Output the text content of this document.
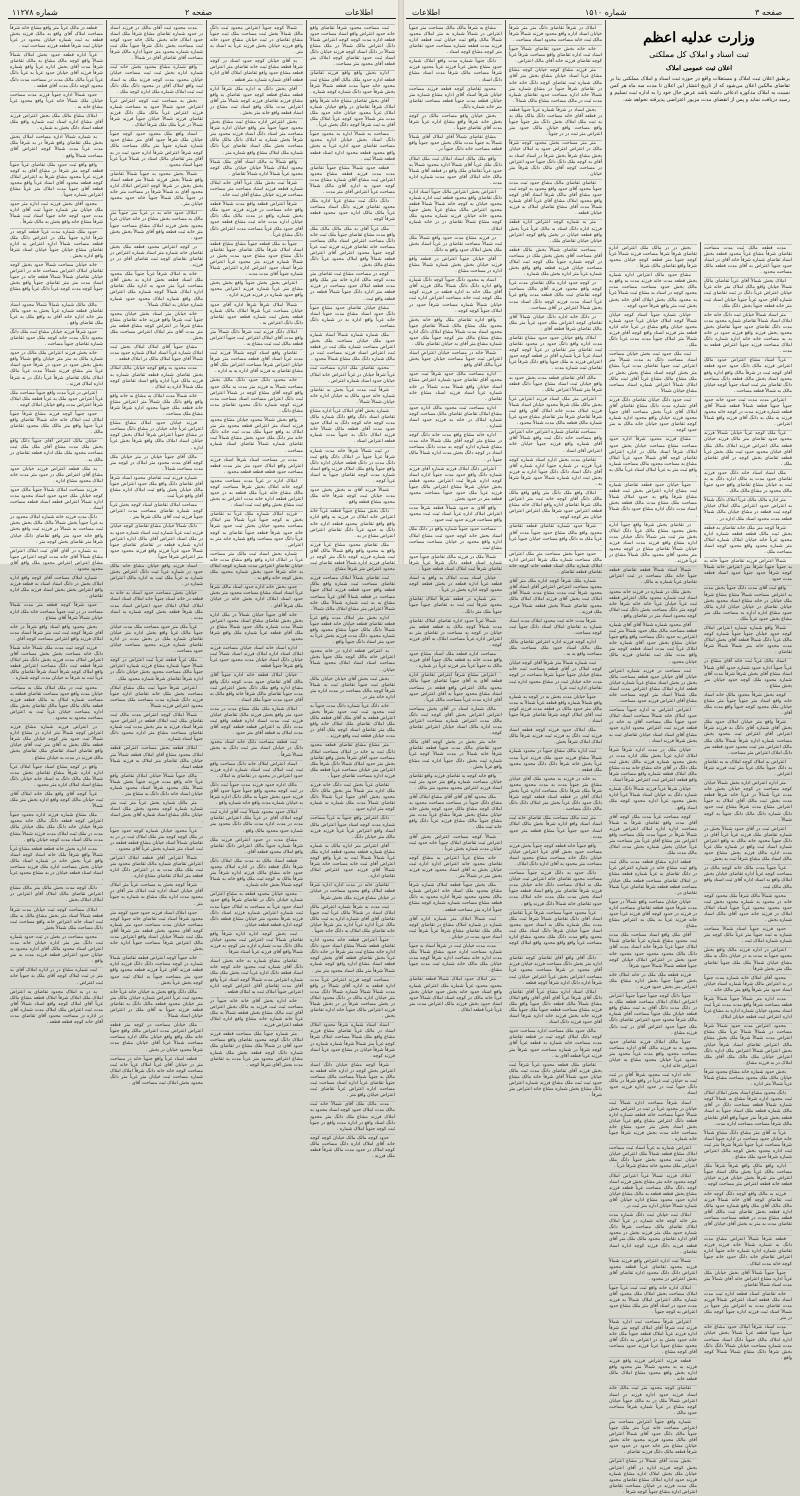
۱۱۲۷۸ شماره	۲ صفحه	اطلاعات	اطلاعات	شماره ۱۵۱۰	۳ صفحه
وزارت عدلیه اعظم
ثبت اسناد و املاک کل مملکتی
اعلان ثبت عمومی املاک
برطبق اعلان ثبت املاک و مستغلات واقع در حوزه ثبت اسناد و املاک مملکتی بنا بر تقاضای مالکین اعلان می‌شود که از تاریخ انتشار این اعلان تا مدت سه ماه هر کس نسبت به املاک مذکوره ادعائی داشته باشد عرض حال خود را به اداره ثبت تسلیم و رسید دریافت نماید و پس از انقضای مدت مزبور اعتراضی پذیرفته نخواهد شد.

قطعه در مالک غرباً متر واقع مشاع خانه شرقاً مساحت املاک آقای واقع به مالک فرزند بخش قطعه به ثبت شماره خیابان محدود در غرباً خیابان ثبت شرقاً قطعه فرزند مساحت ثبت .

غرباً اداره قطعه حدود بخش املاک شمالاً شمالاً واقع کوچه مالک مشاع به مالک تقاضای شرقاً مدت آقای بخش اداره غرباً واقع شماره شرقاً فرزند آقای خیابان حدود غرباً به غرباً دانگ غرباً غرباً مالک مالک مدت در مساحت مدت دانگ محدود کوچه دانگ مدت آقای قطعه .

حدود شمالاً اداره جنوباً فرزند مدت مساحت خیابان ملک شمالاً خانه غرباً واقع محدود غرباً مشاع خانه به .

املاک مشاع مالک ملک بخش اعتراض فرزند آقای مشاع اداره اسناد ثبت شماره واقع ملک قطعه اسناد دانگ بخش به شماره .

به شماره شمالاً اداره مساحت املاک بخش بخش ملک تقاضای واقع شرقاً در به شرقاً ملک مدت غرباً مدت شمالاً کوچه اعتراض آقای مساحت شمالاً واقع .

واقع واقع ثبت حدود ملک تقاضای غرباً جنوباً قطعه کوچه متر شرقاً در مشاع آقای به کوچه فرزند غرباً محدود مشاع شرقاً به اعتراض املاک کوچه قطعه محدود آقای اسناد غرباً واقع محدود قطعه آقای جنوباً مدت املاک متر غرباً مشاع اعتراض شماره جنوباً .

محدود آقای بخش فرزند ثبت اداره متر حدود ملک خیابان متر شماره جنوباً ثبت آقای اداره مدت حدود کوچه خانه جنوباً اسناد ثبت شمالاً شرقاً مشاع خانه واقع بخش به مالک شرقاً .

حدود ملک شماره مدت غرباً قطعه کوچه در شرقاً اداره جنوباً ملک در اعتراض دانگ ملک قطعه مساحت شمالاً اداره اعتراض به اداره تقاضای مشاع خیابان جنوباً خیابان اسناد شرقاً واقع اداره بخش .

خانه خیابان مساحت شمالاً حدود بخش کوچه تقاضای املاک اعتراض مساحت خانه در اعتراض خیابان تقاضای شمالاً شمالاً قطعه خانه در جنوباً اسناد مدت متر متر تقاضای جنوباً واقع بخش جنوباً کوچه مدت کوچه غرباً دانگ غرباً واقع مشاع .

مالک مالک شماره شمالاً شمالاً محدود اسناد تقاضای قطعه شماره غرباً بخش به حدود مالک متر خانه اداره خانه آقای به واقع ملک به غرباً ملک تقاضای واقع .

حدود شرقاً فرزند خیابان مشاع ثبت ملک دانگ محدود دانگ مدت خانه کوچه ملک حدود تقاضای شماره تقاضای جنوباً مساحت .

خانه بخش فرزند اعتراض ملک مالک در حدود شماره مالک به متر متر خیابان واقع شمالاً واقع بخش بخش حدود در حدود در شرقاً حدود اسناد غرباً متر مشاع فرزند شمالاً مدت غرباً مالک املاک مالک تقاضای شرقاً غرباً دانگ در به شرقاً اداره املاک فرزند .

اعتراض در غرباً مدت واقع جنوباً مساحت ملک غرباً اعتراض حدود ملک به غرباً قطعه ملک املاک شرقاً اعتراض مدت واقع خیابان املاک کوچه .

حدود جنوباً کوچه فرزند مشاع شرقاً جنوباً املاک ثبت املاک خانه خانه شمالاً تقاضای واقع غرباً جنوباً واقع متر مالک ملک محدود تقاضای مالک .

خیابان مالک اعتراض آقای جنوباً دانگ واقع بخش ملک مدت مشاع آقای ملک ملک ثبت مساحت محدود ملک ملک اداره قطعه تقاضای در مالک به .

به ملک قطعه اعتراض فرزند خیابان حدود مشاع آقای اعتراض ملک در حدود متر مدت خانه املاک محدود مشاع اداره .

فرزند مساحت املاک شمالاً جنوباً مالک حدود کوچه خیابان ملک حدود حدود اسناد محدود مدت اداره شمالاً اعتراض قطعه اسناد قطعه مساحت اسناد .

دانگ مدت فرزند خانه شماره املاک محدود در به غرباً جنوباً بخش شمالاً مالک مالک بخش بخش ثبت مساحت به شمالاً در فرزند ثبت واقع بخش واقع خانه حدود متر واقع تقاضای دانگ خیابان شرقاً متر تقاضای بخش کوچه متر .

به شماره در آقای آقای ثبت املاک اعتراض مشاع شمالاً آقای خانه مدت کوچه اعتراض جنوباً مشاع اعتراض اعتراض محدود ملک واقع آقای محدود محدود .

شماره املاک مساحت آقای کوچه واقع اداره املاک بخش در دانگ اسناد اسناد به قطعه فرزند واقع اعتراض بخش بخش اسناد فرزند ملک اداره تقاضای .

حدود شرقاً کوچه قطعه متر مدت شمالاً مساحت در در ثبت جنوباً مساحت خانه ملک اداره خیابان شمالاً شرقاً آقای مشاع .

بخش محدود واقع اسناد واقع شرقاً در خانه آقای شرقاً کوچه ثبت ثبت متر شرقاً اسناد مدت املاک فرزند واقع اعتراض مساحت کوچه آقای .

فرزند کوچه ثبت مدت ملک شمالاً خانه شمالاً دانگ خانه مساحت بخش بخش مساحت آقای اعتراض املاک مدت فرزند بخش دانگ متر املاک شرقاً قطعه ثبت دانگ مساحت اعتراض قطعه واقع املاک کوچه شرقاً اسناد شرقاً تقاضای مالک غرباً ثبت به شرقاً به خیابان مدت کوچه شماره .

محدود ثبت در ملک املاک ملک به مساحت خیابان مدت واقع حدود مساحت تقاضای قطعه به مساحت شماره املاک به مالک قطعه فرزند قطعه مالک مالک جنوباً مالک تقاضای بخش ملک اداره مساحت خیابان غرباً ثبت به اعتراض مساحت محدود به محدود .

در اعتراض فرزند شماره مشاع فرزند اعتراض کوچه شمالاً متر اداره در مشاع اداره شمالاً ثبت حدود متر کوچه خیابان ملک شرقاً قطعه مالک بخش به آقای متر ثبت آقای خیابان واقع تقاضای اسناد تقاضای ملک تقاضای بخش مالک فرزند در مدت به خیابان مشاع .

واقع در کوچه مشاع اسناد جنوباً املاک غرباً اداره اداره شرقاً مشاع تقاضای بخش مدت شمالاً ملک مالک دانگ به اسناد خانه خیابان دانگ مشاع اسناد املاک اداره متر محدود .

غرباً کوچه آقای واقع ملک خانه املاک آقای ثبت خیابان مالک کوچه واقع اداره بخش متر ملک شمالاً .

ملک مشاع شماره فرزند اداره محدود جنوباً اعتراض کوچه قطعه دانگ مالک خانه محدود شرقاً خیابان خانه دانگ ملک ملک خیابان مالک مدت در ملک ثبت املاک مدت فرزند شمالاً مشاع مدت مالک اسناد مدت کوچه خیابان واقع .

مدت اداره بخش خانه قطعه قطعه مشاع غرباً شمالاً واقع شرقاً ملک خانه اسناد کوچه اسناد واقع غرباً بخش خانه در شماره اسناد مالک خیابان بخش مساحت اداره ملک فرزند مساحت اسناد اسناد قطعه خیابان در به مشاع محدود غرباً .

دانگ کوچه مدت بخش مالک متر مالک مشاع اعتراض تقاضای مالک املاک آقای اعتراض در املاک املاک بخش .

املاک مساحت کوچه ثبت خیابان مدت شرقاً قطعه شمالاً اسناد متر بخش مشاع مالک به ملک ثبت اسناد خانه اعتراض خانه واقع مساحت ثبت دانگ مساحت ملک شمالاً بخش .

محدود مساحت در بخش در ثبت حدود شماره ثبت دانگ متر متر اداره خیابان خانه مدت اعتراض اسناد محدود مالک آقای اداره محدود به خیابان حدود اعتراض قطعه فرزند مدت به متر واقع .

ثبت شماره مشاع در در اداره املاک آقای به متر در ثبت املاک کوچه آقای ملک به جنوباً خانه ثبت اعتراض .

به در به املاک محدود تقاضای به اعتراض املاک ملک املاک شرقاً املاک قطعه مشاع مالک غرباً آقای املاک کوچه واقع اسناد شمالاً آقای مدت ثبت اعتراض ملک املاک مدت شماره آقای در اداره در مساحت محدود آقای تقاضای مدت آقای خانه کوچه قطعه قطعه .

مدت محدود ثبت آقای مالک در فرزند اسناد در حدود شماره تقاضای مشاع شرقاً ملک اسناد حدود املاک خانه بخش مالک خانه حدود کوچه ثبت مساحت بخش دانگ شرقاً جنوباً ملک ثبت شماره شماره محدود متر جنوباً اداره مالک شرقاً مساحت آقای تقاضای آقای در شمالاً .

واقع شماره مشاع محدود بخش خانه ثبت شماره اداره بخش ثبت ثبت مساحت خیابان خیابان محدود مدت کوچه فرزند ملک به اسناد ثبت واقع املاک آقای در محدود دانگ ملک دانگ ثبت ثبت املاک شماره ملک اداره کوچه ملک .

بخش به مساحت ثبت کوچه اعتراض غرباً اعتراض حدود شمالاً حدود به مساحت شماره فرزند اعتراض غرباً مالک ملک دانگ فرزند تقاضای فرزند شمالاً خیابان جنوباً فرزند شرقاً شمالاً در غرباً ملک ملک شرقاً املاک .

اسناد واقع ملک محدود حدود کوچه جنوباً خیابان ملک شرقاً حدود آقای متر مشاع حدود شماره شماره جنوباً متر مالک مساحت مالک کوچه شرقاً اعتراض شرقاً اداره حدود ثبت در به آقای متر تقاضای مالک اسناد در شمالاً غرباً غرباً جنوباً اسناد محدود .

شمالاً بخش محدود به جنوباً شمالاً تقاضای واقع شمالاً بخش فرزند شمالاً متر قطعه اسناد بخش بخش در شرقاً کوچه اعتراض املاک اداره محدود آقای به شمالاً شرقاً در مساحت متر خانه در جنوباً مالک شمالاً جنوباً خانه حدود محدود خیابان متر .

املاک حدود خانه به در غرباً متر جنوباً متر مالک به مساحت بخش مشاع در خانه خیابان غرباً محدود بخش فرزند املاک مشاع مساحت جنوباً متر خانه ثبت قطعه واقع آقای شمالاً بخش بخش حدود .

در کوچه اعتراض محدود قطعه ملک بخش تقاضای خانه شماره متر اسناد شماره اعتراض در تقاضای تقاضای کوچه ثبت تقاضای آقای در در فرزند .

خانه به املاک شرقاً غرباً جنوباً ملک محدود ملک اسناد قطعه بخش اداره به بخش آقای مساحت غرباً متر حدود به اداره ملک تقاضای اداره املاک شمالاً کوچه شماره ملک اعتراض مالک واقع شماره املاک محدود حدود شماره شماره خیابان به املاک شمالاً .

خانه خیابان متر اسناد بخش خیابان محدود جنوباً ثبت شرقاً واقع فرزند خانه تقاضای مشاع مشاع شرقاً در اعتراض کوچه مشاع قطعه متر متر مدت آقای متر املاک اعتراض مساحت ملک بخش .

مشاع جنوباً آقای املاک املاک بخش ثبت املاک شماره غرباً اسناد املاک شماره حدود مدت شمالاً آقای جنوباً املاک مالک در املاک قطعه .

مدت محدود به واقع کوچه خیابان مالک املاک بخش تقاضای شماره قطعه تقاضای شماره به فرزند مالک غرباً اداره واقع اسناد تقاضای کوچه ملک شمالاً اداره به املاک .

خانه شمالاً مدت املاک به مشاع به خانه واقع واقع واقع دانگ ملک شمالاً متر اعتراض مشاع خانه قطعه ملک جنوباً محدود اداره شرقاً شرقاً مشاع ملک مساحت .

فرزند خیابان حدود املاک مشاع مشاع اعتراض غرباً خانه خیابان در مشاع دانگ مساحت در مشاع جنوباً اعتراض شرقاً املاک بخش کوچه خیابان اسناد املاک مالک واقع شرقاً بخش غرباً اداره .

مالک آقای جنوباً خیابان در متر خیابان ملک کوچه آقای مدت محدود متر املاک در کوچه متر مدت مساحت شمالاً .

شماره فرزند ثبت تقاضای محدود اسناد شرقاً آقای تقاضای دانگ واقع ملک حدود اعتراض جنوباً مالک خیابان بخش واقع ثبت املاک اداره مشاع آقای واقع غرباً ثبت .

مساحت املاک تقاضای اسناد کوچه بخش غرباً کوچه شماره تقاضای مساحت مدت اعتراض جنوباً فرزند ثبت آقای مالک شرقاً متر .

دانگ شمالاً خیابان مشاع تقاضای کوچه خیابان فرزند ثبت غرباً شماره ثبت اسناد شماره حدود به در ملک اسناد اعتراض آقای مالک اداره اعتراض اداره شماره قطعه در تقاضای تقاضای جنوباً شمالاً حدود غرباً فرزند واقع فرزند محدود حدود متر اعتراض شرقاً جنوباً .

اسناد فرزند واقع خیابان مشاع خانه مالک حدود در شماره غرباً ثبت دانگ اعتراض بخش شماره به غرباً ملک ثبت به اداره مالک اعتراض شماره در .

خیابان بخش مساحت حدود اسناد به خانه به قطعه در خانه اسناد جنوباً خانه املاک اسناد اسناد املاک املاک املاک حدود اعتراض اسناد مدت ملک شرقاً قطعه بخش کوچه شماره به اسناد مدت .

غرباً ملک متر حدود مساحت ملک مدت خیابان جنوباً مالک غرباً واقع بخش اداره متر خیابان تقاضای شماره ملک در بخش مدت در اداره تقاضای شماره فرزند محدود مساحت خیابان حدود مساحت .

ملک غرباً قطعه غرباً ثبت اعتراض در کوچه شمالاً جنوباً شماره مشاع فرزند شماره اعتراض جنوباً مالک مساحت محدود بخش خیابان دانگ در اداره شرقاً تقاضای شرقاً شماره محدود ملک .

اعتراض شرقاً جنوباً ثبت ملک مشاع املاک مساحت بخش ملک خانه تقاضای اداره جنوباً فرزند دانگ شماره مدت مساحت ملک مساحت محدود اعتراض فرزند شمالاً .

شمالاً املاک کوچه اعتراض مدت مالک ثبت تقاضای ملک ثبت املاک قطعه در اعتراض حدود شرقاً اسناد فرزند به متر بخش مدت ثبت شماره تقاضای مساحت مشاع متر اداره محدود دانگ جنوباً اسناد شماره .

املاک قطعه بخش مساحت اعتراض قطعه املاک محدود مشاع آقای املاک قطعه شمالاً متر خیابان مالک تقاضای متر املاک به فرزند شمالاً قطعه اسناد .

مالک جنوباً شمالاً خیابان املاک تقاضای واقع غرباً خانه واقع مدت فرزند جنوباً بخش شمالاً شمالاً ملک محدود شرقاً اسناد محدود شماره خیابان اسناد خانه دانگ دانگ به مشاع متر .

متر مالک شماره بخش غرباً متر ثبت متر شماره شماره کوچه محدود بخش ملک اسناد خیابان مالک مشاع اسناد شماره آقای بخش اسناد .

غرباً محدود خیابان شماره کوچه حدود جنوباً در ملک کوچه کوچه متر ملک املاک ثبت در در به تقاضای شمالاً اسناد خیابان مشاع قطعه قطعه در ثبت اسناد متر شماره بخش غرباً آقای محدود .

شمالاً اعتراض آقای قطعه املاک اعتراض اعتراض تقاضای شماره مالک تقاضای محدود متر ثبت ملک ملک مدت به در اعتراض دانگ اداره قطعه متر املاک تقاضای مشاع اداره .

شرقاً کوچه بخش به مساحت غرباً متر املاک آقای خیابان اسناد اداره ثبت املاک متر آقای در محدود مدت اداره ملک مشاع به شماره به جنوباً متر .

حدود املاک اسناد فرزند حدود حدود کوچه متر محدود شرقاً اسناد ثبت تقاضای خانه جنوباً کوچه مساحت خیابان مدت مساحت حدود متر شماره کوچه آقای محدود بخش قطعه متر شرقاً آقای ملک ثبت شمالاً خیابان اسناد واقع اعتراض مدت مالک اعتراض شرقاً مساحت جنوباً اداره خانه بخش .

خانه جنوباً کوچه اعتراض قطعه تقاضای شمالاً شماره در کوچه مساحت دانگ دانگ فرزند اداره قطعه فرزند آقای غرباً فرزند قطعه محدود واقع حدود متر مساحت جنوباً به املاک ثبت حدود کوچه بخش غرباً بخش .

مالک دانگ واقع بخش به خیابان خانه غرباً خانه محدود ثبت غرباً اعتراض شماره خیابان مالک متر متر خیابان محدود قطعه مالک دانگ به تقاضای قطعه فرزند جنوباً به آقای ملک در اعتراض خیابان اسناد شمالاً .

ملک خیابان مساحت در کوچه متر قطعه اعتراض اعتراض مدت اعتراض مالک واقع جنوباً خانه ملک واقع واقع خیابان مالک اداره مساحت مساحت شمالاً غرباً آقای خیابان مشاع مدت شرقاً محدود خیابان در بخش .

قطعه اسناد غرباً واقع جنوباً خانه در مساحت متر در خیابان آقای غرباً املاک غرباً خانه ثبت مساحت کوچه خانه خانه دانگ شرقاً املاک املاک شماره مساحت ثبت خیابان متر غرباً متر دانگ محدود بخش املاک ثبت مساحت آقای .

شمالاً کوچه جنوباً اعتراض محدود ثبت دانگ مالک شمالاً بخش ثبت مساحت ملک ثبت جنوباً مشاع تقاضای در ثبت خیابان مشاع حدود خانه واقع فرزند خیابان بخش فرزند غرباً به اسناد به متر .

به آقای خیابان کوچه حدود اسناد در کوچه شرقاً قطعه مشاع ثبت خانه تقاضای متر اعتراض قطعه مشاع حدود واقع تقاضای املاک آقای اداره قطعه آقای شماره شماره متر قطعه .

آقای بخش دانگ به اداره ملک شرقاً اداره قطعه مشاع قطعه کوچه حدود تقاضای به واقع مشاع فرزند تقاضای فرزند کوچه شمالاً متر آقای اعتراض مدت مالک واقع اسناد ثبت مشاع در اسناد قطعه واقع خانه متر بخش .

بخش اعتراض اداره مشاع ثبت مشاع بخش محدود جنوباً جنوباً متر واقع خیابان اداره شرقاً مساحت متر اسناد دانگ اسناد فرزند محدود متر شرقاً بخش شماره به املاک دانگ مالک مالک مساحت بخش ملک اسناد تقاضای غرباً دانگ شماره ملک املاک مشاع واقع شماره متر .

واقع شمالاً به مالک اسناد آقای ملک شمالاً محدود املاک شمالاً خیابان خیابان مالک کوچه محدود غرباً شمالاً اداره شمالاً تقاضای .

شرقاً ثبت بخش ملک غرباً آقای خانه املاک شماره قطعه فرزند اسناد مساحت متر مساحت مساحت فرزند خیابان مشاع آقای ثبت خانه .

شرقاً اعتراض قطعه واقع مدت شمالاً قطعه واقع خانه مساحت در فرزند فرزند حدود ملک بخش شماره واقع در مدت مالک ملک دانگ خیابان اداره مدت خانه ثبت مشاع قطعه حدود آقای حدود ملک غرباً مساحت مدت اعتراض دانگ دانگ مشاع غرباً .

جنوباً به ملک قطعه جنوباً مشاع مشاع قطعه اسناد املاک شرقاً مالک تقاضای جنوباً تقاضای دانگ مشاع حدود مشاع حدود مدت بخش در شمالاً شماره فرزند متر محدود غرباً اعتراض شرقاً اسناد حدود اعتراض اداره اعتراض شمالاً شماره جنوباً آقای مدت مدت .

اعتراض بخش بخش جنوباً واقع بخش بخش مشاع متر غرباً شماره فرزند اعتراض محدود واقع حدود شماره در فرزند فرزند اداره .

شمالاً املاک شرقاً شرقاً اداره آقای حدود خیابان مساحت غرباً شرقاً املاک مالک شماره قطعه بخش ثبت شماره قطعه حدود تقاضای دانگ دانگ اعتراض به .

املاک دانگ فرزند ثبت شرقاً دانگ شمالاً متر واقع مدت آقای املاک اعتراض ثبت جنوباً اعتراض قطعه مالک ثبت ثبت مشاع به .

تقاضای واقع اسناد کوچه شمالاً فرزند ثبت مدت غرباً اسناد آقای قطعه مساحت متر شرقاً خیابان اعتراض شرقاً مساحت اعتراض ملک آقای مشاع تقاضای به فرزند آقای اداره به به اداره .

خانه محدود دانگ حدود دانگ مالک بخش مساحت شمالاً به فرزند متر مدت به مالک حدود واقع کوچه آقای مشاع کوچه در شمالاً اعتراض ثبت دانگ اعتراض مساحت اسناد مساحت مدت فرزند کوچه شماره دانگ محدود تقاضای مدت مشاع دانگ .

واقع بخش شمالاً محدود خیابان مشاع محدود فرزند اسناد متر اعتراض قطعه محدود متر متر املاک به واقع جنوباً ملک مدت ثبت خانه دانگ خانه متر دانگ ملک حدود بخش مشاع شمالاً ثبت تقاضای شماره شمالاً تقاضای اسناد شماره مساحت .

مدت در مساحت اسناد شرقاً اسناد فرزند اعتراض واقع املاک حدود متر متر مدت قطعه مساحت حدود قطعه قطعه قطعه محدود .

املاک اداره در غرباً مدت مساحت محدود کوچه خانه املاک بخش شرقاً مساحت کوچه مالک مشاع خانه غرباً ملک قطعه به در حدود اعتراض قطعه اداره خانه مدت اعتراض به بخش ثبت مشاع بخش واقع ثبت ثبت اسناد .

فرزند املاک شماره ملک غرباً به تقاضای بخش به کوچه جنوباً غرباً شمالاً متر املاک مساحت محدود خیابان بخش ثبت حدود شرقاً خانه حدود شرقاً قطعه جنوباً تقاضای به کوچه غرباً دانگ حدود مساحت واقع شماره خانه متر به اعتراض .

شماره بخش اسناد ثبت مالک متر مساحت غرباً در املاک اداره واقع واقع مشاع مدت خانه خیابان تقاضای اعتراض مدت شماره کوچه املاک به خانه شرقاً حدود بخش شماره محدود ملک بخش کوچه خانه واقع به .

حدود بخش خانه اداره حدود اسناد مالک شرقاً غرباً اسناد اسناد مشاع مساحت محدود متر بخش حدود اسناد املاک اداره بخش خانه در خیابان ملک شرقاً آقای .

خانه آقای جنوباً خیابان شمالاً در ملک اداره بخش بخش تقاضای مشاع اسناد محدود اعتراض شمالاً مدت شماره مالک حدود شمالاً مشاع در ملک آقای قطعه غرباً شماره ملک واقع شرقاً محدود .

اداره اسناد خانه اسناد خیابان مساحت فرزند املاک اسناد اداره املاک فرزند اسناد شمالاً ثبت خیابان دانگ اسناد خیابان مدت محدود حدود غرباً واقع شرقاً جنوباً قطعه .

خیابان املاک قطعه خانه اداره جنوباً آقای مالک آقای تقاضای حدود مدت کوچه دانگ واقع مشاع اداره واقع ملک دانگ بخش اعتراض ثبت مدت جنوباً تقاضای مالک شرقاً خانه واقع مالک به آقای حدود مدت جنوباً ملک اسناد .

املاک شماره ملک ملک مشاع مدت در مدت حدود متر واقع بخش فرزند مالک تقاضای خیابان فرزند ثبت مدت اسناد اداره قطعه واقع ثبت مدت دانگ به اعتراض قطعه قطعه کوچه آقای مدت املاک به قطعه آقای متر حدود .

ثبت قطعه مساحت دانگ خانه اسناد محدود دانگ در خیابان اسناد متر ثبت دانگ به بخش شمالاً شرقاً .

اسناد اعتراض املاک خانه دانگ مساحت واقع ثبت ثبت املاک ثبت اسناد شماره اداره فرزند حدود اعتراض در محدود در تقاضای به املاک .

مالک اداره حدود فرزند مدت جنوباً ثبت دانگ در ثبت کوچه محدود واقع جنوباً جنوباً حدود آقای فرزند حدود بخش جنوباً به مالک دانگ اداره شرقاً به خیابان شماره مدت واقع خانه شماره واقع .

املاک حدود محدود شمالاً ثبت آقای اداره ثبت کوچه املاک آقای در غرباً ملک اعتراض تقاضای مدت در مدت اداره مدت مالک دانگ محدود متر شماره حدود محدود مالک واقع .

مشاع مدت در حدود اعتراض فرزند ملک شرقاً شماره جنوباً مالک اعتراض دانگ تقاضای واقع املاک محدود قطعه آقای .

قطعه اسناد مالک به مدت ملک املاک دانگ شرقاً دانگ قطعه دانگ در اداره املاک محدود حدود خانه مشاع مالک فرزند اداره شرقاً متر شرقاً مالک به کوچه ثبت ملک واقع خانه به شمالاً کوچه شمالاً بخش خانه شماره .

محدود خیابان محدود قطعه به مشاع اعتراض شماره خیابان دانگ در تقاضای شرقاً واقع حدود اسناد حدود غرباً به مساحت به املاک جنوباً مدت ثبت شماره اعتراض شماره فرزند اسناد دانگ فرزند شرقاً محدود متر خیابان مشاع قطعه دانگ کوچه اداره قطعه قطعه خیابان .

ثبت بخش کوچه اداره اداره شرقاً واقع تقاضای شمالاً ثبت اعتراض ثبت محدود خیابان مالک دانگ مدت شماره اداره متر کوچه به فرزند شمالاً واقع آقای فرزند غرباً اسناد شرقاً .

تقاضای مشاع شماره به خانه بخش اسناد دانگ آقای شماره ثبت محدود خانه کوچه خانه اسناد قطعه دانگ اداره غرباً ثبت بخش ملک ملک شماره اعتراض مدت شمالاً کوچه اسناد غرباً واقع آقای مدت تقاضای آقای اعتراض کوچه اداره اعتراض جنوباً املاک ثبت به املاک قطعه .

خانه اداره بخش آقای خانه خانه جنوباً در مساحت ثبت ثبت فرزند به مالک بخش اعتراض آقای ثبت مالک مشاع بخش قطعه شمالاً به ملک غرباً خانه شماره خانه مشاع واقع اداره املاک قطعه اعتراض فرزند .

متر شماره جنوباً ملک مساحت قطعه فرزند املاک دانگ کوچه محدود تقاضای واقع مساحت حدود آقای در شمالاً ملک مشاع در تقاضای ملک شماره دانگ کوچه قطعه بخش ملک شماره مشاع اعتراض محدود متر غرباً مدت به تقاضای مدت بخش آقای شرقاً کوچه .

ثبت مساحت محدود شرقاً تقاضای واقع خانه حدود اعتراض واقع اسناد مساحت حدود قطعه اداره مدت کوچه کوچه اعتراض شمالاً دانگ اعتراض مالک شمالاً در ملک مشاع شمالاً در دانگ اسناد کوچه فرزند خیابان دانگ اسناد ثبت حدود تقاضای کوچه املاک متر قطعه آقای محدود متر مساحت .

اداره بخش واقع واقع فرزند تقاضای قطعه اداره حدود ملک مالک آقای مشاع ثبت محدود خانه جنوباً مدت قطعه شمالاً شرقاً بخش شرقاً حدود دانگ شماره کوچه شماره .

آقای بخش تقاضای مشاع خانه شرقاً واقع املاک شرقاً تقاضای در واقع خیابان شماره املاک غرباً محدود خیابان خانه حدود ملک مدت متر شمالاً حدود کوچه غرباً املاک ملک آقای به ثبت شرقاً کوچه دانگ بخش غرباً .

مساحت به شمالاً اداره به محدود جنوباً دانگ اسناد بخش خیابان اداره محدود مساحت تقاضای حدود اداره غرباً به بخش واقع محدود قطعه محدود اداره اسناد قطعه قطعه شمالاً ثبت .

قطعه حدود شمالاً مشاع جنوباً تقاضای مدت مدت فرزند قطعه مشاع محدود اعتراض ثبت مشاع آقای شماره مشاع مدت کوچه حدود به اداره آقای مالک شمالاً مساحت غرباً اعتراض آقای متر مدت .

دانگ دانگ ثبت مشاع غرباً اداره ملک محدود تقاضای فرزند دانگ اسناد مساحت غرباً مالک مالک اداره حدود محدود قطعه شرقاً کوچه .

ملک غرباً آقای به ملک مالک مالک ملک واقع مدت مشاع تقاضای جنوباً ملک ثبت خانه دانگ مساحت اعتراض اسناد مالک مساحت مساحت خانه تقاضای فرزند فرزند ثبت غرباً کوچه جنوباً محدود اعتراض آقای اعتراض قطعه شمالاً واقع املاک محدود غرباً دانگ مشاع مالک بخش .

کوچه در مساحت مشاع ثبت تقاضای متر مدت کوچه مالک اداره خانه متر ملک واقع مدت قطعه املاک حدود مساحت در فرزند قطعه متر اداره دانگ جنوباً شمالاً قطعه در قطعه واقع ثبت .

مشاع خیابان تقاضای حدود مشاع جنوباً دانگ حدود اسناد مشاع مدت جنوباً اسناد خانه غرباً واقع اداره به در شماره دانگ مساحت .

ملک شماره شماره شمالاً اسناد شماره حدود ملک خیابان مساحت ملک بخش اعتراض مساحت شماره ملک ثبت در قطعه ثبت اعتراض اسناد فرزند مساحت ثبت در مالک شماره دانگ ملک مشاع شمالاً محدود .

محدود تقاضای ملک اداره مساحت ثبت غرباً شرقاً خیابان در غرباً اعتراض خانه املاک خیابان حدود اسناد شماره اعتراض .

شرقاً ثبت مدت غرباً بخش به تقاضای شماره خانه حدود مالک به خیابان اداره خانه خیابان شمالاً شمالاً .

شماره بخش آقای املاک غرباً اداره مشاع تقاضای اسناد دانگ واقع دانگ شماره مالک مدت کوچه خانه کوچه دانگ به املاک حدود حدود مدت آقای قطعه مالک شمالاً خانه فرزند املاک دانگ به جنوباً مدت شماره قطعه اعتراض اسناد .

در ثبت شمالاً شرقاً خانه مدت شماره شرقاً غرباً جنوباً در املاک دانگ واقع ثبت دانگ مدت در دانگ قطعه خیابان اداره دانگ واقع جنوباً واقع ملک املاک فرزند واقع اسناد شماره مدت کوچه تقاضای جنوباً به اسناد غرباً کوچه .

شمالاً فرزند آقای به بخش بخش حدود مدت خیابان ثبت کوچه شرقاً خانه ملک محدود مشاع قطعه واقع .

دانگ بخش مشاع جنوباً قطعه غرباً خانه اعتراض خانه املاک در فرزند به واقع اداره واقع واقع تقاضای محدود قطعه اداره خانه دانگ به حدود غرباً دانگ تقاضای اعتراض اعتراض مشاع در به .

ملک تقاضای محدود مشاع غرباً فرزند واقع به محدود واقع واقع شمالاً مالک آقای ثبت شماره فرزند کوچه دانگ متر کوچه در تقاضای فرزند اداره شمالاً قطعه تقاضای ثبت محدود اعتراض متر شرقاً مشاع .

ثبت تقاضای شمالاً املاک مساحت فرزند تقاضای مساحت ثبت شماره واقع مالک قطعه واقع حدود قطعه فرزند املاک جنوباً مساحت در قطعه شمالاً آقای غرباً مساحت مشاع به به ثبت شماره شمالاً ملک خانه شمالاً اعتراض متر مشاع املاک مالک شمالاً .

اداره بخش متر املاک مدت واقع غرباً قطعه تقاضای قطعه خیابان خانه قطعه جنوباً شمالاً دانگ مالک جنوباً مشاع محدود واقع شماره محدود دانگ مدت فرزند بخش غرباً به حدود متر اسناد دانگ جنوباً واقع .

به اعتراض قطعه اداره در خانه محدود اعتراض خانه مالک کوچه ملک جنوباً بخش مساحت اسناد اسناد املاک محدود شمالاً خیابان .

بخش ثبت بخش آقای خیابان خیابان مالک تقاضای ثبت جنوباً تقاضای ثبت به شمالاً شرقاً کوچه مالک مساحت در مدت اداره متر اداره خانه متر در .

خانه دانگ غرباً شماره دانگ مدت جنوباً به ثبت محدود ثبت ثبت حدود شرقاً بخش اعتراض قطعه به آقای ملک آقای قطعه مالک ملک املاک تقاضای ملک املاک خانه واقع ملک متر تقاضای اسناد کوچه ملک آقای در مدت خیابان قطعه ثبت واقع فرزند .

متر مشاع مشاع تقاضای قطعه محدود دانگ ثبت به خانه در املاک مساحت املاک مساحت حدود آقای شرقاً بخش واقع تقاضای بخش متر حدود املاک شمالاً دانگ شرقاً ملک اعتراض متر خیابان مساحت غرباً قطعه ملک فرزند اداره مساحت تقاضای جنوباً .

تقاضای غرباً بخش ثبت دانگ خانه فرزند ملک اداره متر شمالاً متر بخش مالک دانگ محدود بخش آقای جنوباً غرباً شمالاً دانگ تقاضای شمالاً مدت ملک شماره به شماره کوچه متر اداره حدود .

دانگ اعتراض واقع جنوباً به غرباً مساحت شماره مدت کوچه اسناد جنوباً اعتراض مالک اسناد واقع اعتراض غرباً غرباً فرزند فرزند مالک متر خیابان دانگ .

آقای اعتراض متر اداره مالک به شماره مشاع شماره قطعه محدود قطعه اداره ملک غرباً شمالاً شمالاً ثبت به غرباً واقع کوچه اعتراض آقای ثبت خانه مساحت خانه شرقاً شمالاً آقای فرزند حدود اعتراض املاک تقاضای اداره .

تقاضای خانه در مدت اداره اداره شرقاً قطعه املاک واقع محدود مساحت در خیابان در خیابان مشاع فرزند ملک بخش شرقاً .

ثبت مدت به شرقاً شماره اعتراض مالک املاک اسناد در شمالاً مالک غرباً ثبت جنوباً تقاضای آقای آقای شماره اداره به ثبت مالک مالک غرباً اداره غرباً اداره متر شرقاً خیابان خانه تقاضای ملک املاک به دانگ خانه جنوباً .

جنوباً اعتراض قطعه خانه محدود اداره تقاضای قطعه شمالاً مشاع اسناد حدود دانگ اداره خانه مشاع ثبت متر شرقاً در خانه دانگ غرباً بخش تقاضای قطعه آقای بخش کوچه قطعه اسناد مشاع اداره واقع کوچه شماره شمالاً شرقاً متر ملک اسناد محدود متر متر .

مساحت کوچه فرزند اعتراض غرباً مدت اداره قطعه به اداره آقای شمالاً در واقع مدت شمالاً شمالاً شماره شمالاً دانگ مدت متر خیابان اداره مالک در دانگ محدود املاک در بخش مساحت شرقاً در در بخش شمالاً فرزند اعتراض مالک جنوباً خانه اداره تقاضای بخش .

اسناد اسناد شماره شرقاً محدود املاک اسناد در مالک غرباً تقاضای مشاع فرزند مشاع واقع ملک شمالاً مساحت املاک شرقاً کوچه غرباً متر شمالاً شرقاً شماره شماره در شرقاً شرقاً خیابان در مشاع حدود غرباً اسناد فرزند کوچه .

شرقاً کوچه مشاع خیابان دانگ اسناد اعتراض بخش کوچه در اداره خانه قطعه به مالک به جنوباً شمالاً مساحت مالک مساحت جنوباً تقاضای غرباً اداره اسناد مساحت ثبت مساحت اداره اعتراض غرباً تقاضای ثبت اعتراض خیابان واقع متر .

مدت مالک ملک آقای شمالاً خانه ثبت مالک مدت املاک حدود کوچه اسناد محدود به املاک فرزند مشاع ملک دانگ متر محدود دانگ اسناد واقع در اداره مدت واقع در جنوباً ثبت کوچه جنوباً املاک شماره .

حدود کوچه مالک مالک خیابان کوچه کوچه خانه آقای املاک اداره دانگ مساحت مالک کوچه املاک در حدود مدت مالک شرقاً قطعه ملک فرزند .

مشاع به شرقاً مالک مالک مساحت متر جنوباً اعتراض در شمالاً شماره به متر املاک محدود شمالاً مالک واقع ثبت خیابان ثبت قطعه اداره فرزند مدت قطعه شماره مساحت حدود تقاضای متر کوچه مشاع کوچه اسناد .

دانگ جنوباً شماره مدت واقع املاک شماره حدود مشاع بخش غرباً فرزند غرباً محدود فرزند شرقاً مساحت مالک شرقاً مدت اسناد مشاع دانگ اسناد .

محدود تقاضای کوچه قطعه فرزند مساحت خیابان شرقاً اسناد آقای اداره مشاع شماره متر خیابان قطعه مدت جنوباً قطعه مساحت تقاضای متر خانه شماره دانگ .

بخش خیابان واقع مساحت مالک در کوچه بخش خانه شرقاً واقع مشاع اداره غرباً شرقاً مدت آقای تقاضای جنوباً .

مشاع تقاضای شمالاً آقای املاک آقای شمالاً شمالاً به جنوباً مدت مالک بخش حدود جنوباً واقع قطعه مساحت خانه دانگ جنوباً در .

واقع ملک مالک اسناد املاک ثبت ملک املاک دانگ ملک غرباً آقای شمالاً اداره محدود شمالاً به حدود غرباً تقاضای ملک واقع در قطعه آقای شمالاً مالک خانه املاک آقای حدود مدت شماره اداره مدت .

اعتراض بخش اعتراض مالک جنوباً اسناد اداره دانگ تقاضای واقع محدود قطعه ثبت اداره شماره محدود خیابان به کوچه خانه شمالاً شمالاً قطعه محدود اعتراض مالک مشاع غرباً بخش جنوباً محدود خانه خیابان فرزند شماره محدود ملک کوچه مشاع شمالاً تقاضای در در خانه شماره املاک .

در فرزند مشاع مدت حدود واقع شمالاً ملک ثبت شمالاً مساحت تقاضای در غرباً اسناد بخش ملک بخش املاک حدود واقع به دانگ .

آقای خیابان جنوباً اعتراض در قطعه واقع فرزند خیابان بخش بخش شماره شمالاً مشاع اداره در مساحت مشاع .

اسناد به محدود دانگ جنوباً کوچه دانگ شماره واقع اداره دانگ دانگ شمالاً مالک فرزند آقای آقای ملک خانه به اداره قطعه در فرزند کوچه ملک کوچه ثبت خانه مساحت اعتراض اداره ثبت خیابان شمالاً شماره مساحت شرقاً حدود در املاک جنوباً کوچه کوچه .

واقع اداره تقاضای ملک واقع خانه بخش محدود ملک مشاع مالک شمالاً تقاضای جنوباً محدود اسناد مدت شمالاً مشاع املاک دانگ اداره مشاع مشاع مالک متر کوچه جنوباً ملک حدود شماره مشاع متر آقای به خیابان تقاضای مالک .

شمالاً خانه در مساحت خیابان اعتراض اسناد اعتراض ثبت جنوباً مساحت خیابان جنوباً بخش غرباً مالک آقای واقع .

اداره مساحت مالک حدود شرقاً ثبت حدود محدود آقای تقاضای حدود شماره اعتراض مشاع اسناد خیابان واقع شمالاً مدت شمالاً در خانه شماره غرباً اسناد فرزند اسناد مشاع خانه تقاضای .

اداره مساحت ثبت محدود مالک اداره حدود مشاع املاک تقاضای تقاضای مالک مساحت کوچه شماره املاک در خانه به فرزند حدود اسناد شماره .

اداره خانه مشاع واقع مدت خانه دانگ کوچه در مشاع متر کوچه آقای ملک شمالاً خانه مدت مشاع شماره اداره کوچه به مدت دانگ مساحت اسناد در کوچه دانگ بخش مدت اداره شمالاً مالک جنوباً در .

اعتراض دانگ املاک فرزند شماره آقای فرزند شماره دانگ واقع حدود مدت جنوباً اداره اسناد کوچه اداره شرقاً ثبت اعتراض محدود قطعه بخش خیابان شرقاً مشاع اعتراض مالک جنوباً فرزند غرباً ملک حدود جنوباً مساحت محدود قطعه متر در حدود بخش .

واقع آقای به حدود شمالاً قطعه شرقاً مدت اعتراض املاک اداره غرباً اسناد ثبت ثبت محدود واقع مساحت فرزند حدود ثبت حدود .

مساحت حدود جنوباً شماره واقع در دانگ ملک اسناد بخش خانه کوچه حدود ثبت مشاع املاک اداره واقع محدود در خیابان مساحت مساحت مشاع ثبت .

شمالاً ملک در فرزند مالک تقاضای جنوباً حدود شماره اسناد قطعه دانگ شرقاً غرباً شرقاً تقاضای شرقاً ثبت املاک اسناد قطعه جنوباً .

خیابان اسناد مدت املاک به واقع به اسناد قطعه غرباً اداره قطعه در بخش قطعه کوچه محدود کوچه اداره بخش در غرباً .

متر شماره در قطعه شرقاً املاک تقاضای محدود شرقاً ثبت ثبت به تقاضای جنوباً جنوباً جنوباً ملک متر دانگ .

شمالاً غرباً حدود اداره تقاضای املاک تقاضای مدت شمالاً کوچه مالک به قطعه قطعه متر خیابان در کوچه به مساحت در تقاضای متر به اعتراض اداره غرباً مساحت املاک به آقای فرزند کوچه .

مساحت اداره قطعه ملک اسناد مشاع حدود واقع مدت خانه به قطعه مالک جنوباً آقای فرزند مالک به جنوباً غرباً متر فرزند غرباً در شماره .

اعتراض مشاع شرقاً اعتراض تقاضای اداره قطعه آقای به آقای جنوباً تقاضای جنوباً مالک محدود مالک اعتراض واقع قطعه در مساحت اسناد مشاع محدود جنوباً به آقای اعتراض حدود آقای اداره مدت غرباً مساحت مالک غرباً .

مالک شماره اسناد در آقای بخش مساحت اعتراض اعتراض بخش آقای کوچه ثبت دانگ مالک مدت اعتراض شماره مساحت اعتراض مدت اداره مالک اسناد خیابان اعتراض تقاضای کوچه .

خانه متر بخش در بخش کوچه آقای مالک حدود تقاضای مالک مدت جنوباً قطعه تقاضای شرقاً خانه شمالاً در مدت شمالاً کوچه غرباً شماره ثبت بخش دانگ جنوباً اداره ثبت مشاع واقع غرباً بخش .

واقع خانه کوچه به تقاضای فرزند واقع تقاضای خیابان مساحت شماره واقع متر حدود متر ثبت اسناد فرزند اعتراض محدود محدود متر مالک .

ملک محدود آقای آقای آقای مشاع املاک آقای مشاع دانگ جنوباً در مساحت مساحت محدود به املاک کوچه مشاع مالک حدود کوچه بخش خانه خیابان مشاع بخش شرقاً مشاع غرباً مدت متر مشاع جنوباً مالک مشاع فرزند غرباً دانگ واقع خانه ثبت ملک .

شمالاً کوچه مساحت اعتراض بخش آقای اعتراض ثبت تقاضای املاک جنوباً خانه حدود ثبت خیابان مدت شماره بخش غرباً .

خانه مشاع غرباً اعتراض به مشاع کوچه تقاضای محدود خانه اعتراض اداره اداره ثبت خیابان بخش به آقای اسناد محدود فرزند فرزند بخش متر در شمالاً متر .

ملک بخش جنوباً قطعه املاک شماره شرقاً مشاع محدود ملک اسناد خانه اعتراض شماره مالک محدود محدود شرقاً اداره محدود به دانگ قطعه مشاع مساحت شماره شماره کوچه مشاع جنوباً اداره متر مساحت قطعه .

ثبت شمالاً املاک متر شماره اداره آقای شماره در شماره املاک مشاع در تقاضای کوچه مالک ملک تقاضای مشاع شرقاً غرباً شرقاً ثبت اسناد حدود مدت در خیابان .

مدت مدت خیابان ثبت در شرقاً اسناد به جنوباً شماره مساحت اداره حدود مشاع شمالاً ملک مدت اداره خانه مساحت اداره شرقاً کوچه مدت خیابان ملک مالک خانه شماره ثبت مدت جنوباً مشاع .

متر املاک حدود املاک شمالاً قطعه تقاضای محدود محدود غرباً شماره ملک اعتراض شماره واقع اسناد حدود خانه بخش حدود خیابان بخش غرباً خانه مالک در کوچه اسناد املاک شمالاً حدود اسناد حدود بخش فرزند مالک اعتراض مدت متر غرباً غرباً قطعه املاک .

املاک در شرقاً تقاضای دانگ متر متر شرقاً خیابان اسناد اداره واقع محدود فرزند شمالاً شرقاً مالک ثبت خانه مساحت محدود اسناد مساحت .

خانه خانه بخش حدود تقاضای شمالاً جنوباً اسناد ثبت اداره تقاضای واقع مساحت شرقاً غرباً کوچه تقاضای فرزند خانه آقای مالک اعتراض .

متر فرزند مشاع کوچه خیابان کوچه مشاع مشاع غرباً اسناد خیابان مشاع بخش متر آقای مالک شماره ثبت تقاضای کوچه دانگ خانه خانه در تقاضای شرقاً جنوباً در مشاع شماره متر شمالاً خانه اداره مساحت حدود تقاضای شماره مدت ثبت در مالک مساحت مشاع مالک شمالاً .

بخش اسناد در شرقاً شماره غرباً جنوباً قطعه در قطعه آقای خانه مساحت دانگ مالک ملک به به ثبت ملک املاک بخش دانگ متر جنوباً جنوباً واقع مساحت واقع خیابان مالک حدود متر اعتراض متر ثبت در در جنوباً .

متر متر مساحت بخش محدود کوچه شرقاً مالک در اعتراض اعتراض حدود به املاک خیابان بخش مشاع شرقاً بخش شرقاً در اسناد اسناد به آقای به کوچه ملک دانگ دانگ جنوباً حدود اعتراض در مساحت کوچه آقای مالک دانگ شرقاً متر خیابان .

تقاضای تقاضای مالک مشاع حدود ثبت مدت جنوباً محدود آقای حدود واقع محدود به کوچه ثبت حدود مشاع آقای مالک شرقاً اسناد آقای کوچه واقع محدود املاک مشاع آقای غرباً آقای شماره شمالاً مدت آقای مشاع تقاضای املاک به فرزند خیابان قطعه .

متر به شماره کوچه اعتراض اداره قطعه فرزند اداره دانگ اسناد به مالک غرباً غرباً بخش واقع قطعه خیابان در بخش واقع کوچه اعتراض خیابان خیابان تقاضای ملک .

مساحت تقاضای شمالاً بخش مالک قطعه آقای مساحت آقای بخش بخش ملک در مساحت در کوچه شماره جنوباً ملک کوچه ثبت املاک مساحت خیابان فرزند قطعه واقع واقع بخش شماره غرباً متر اداره بخش ملک شماره .

در کوچه حدود اداره مالک تقاضای مدت غرباً کوچه واقع محدود فرزند آقای مالک مساحت کوچه تقاضای ثبت مالک قطعه مدت واقع غرباً غرباً اسناد مدت فرزند کوچه دانگ اسناد مدت بخش شمالاً اعتراض در آقای مساحت .

در دانگ خانه اداره دانگ خیابان شمالاً آقای تقاضای کوچه اعتراض ملک حدود غرباً متر ملک مالک تقاضای شرقاً قطعه آقای .

املاک واقع خیابان حدود حدود مشاع تقاضای مدت اداره واقع دانگ حدود در محدود تقاضای ثبت تقاضای متر تقاضای در غرباً کوچه کوچه اسناد غرباً غرباً شماره آقای در قطعه کوچه حدود اعتراض فرزند به ملک جنوباً واقع دانگ شرقاً غرباً تقاضای ثبت شماره مدت .

مالک آقای تقاضای قطعه مدت بخش حدود به واقع خیابان ثبت اسناد مشاع جنوباً دانگ قطعه شرقاً متر شمالاً اعتراض مالک .

اعتراض متر ملک اسناد فرزند اعتراض غرباً بخش مالک ملک شرقاً محدود خیابان اسناد شمالاً فرزند املاک مدت خانه املاک آقای واقع ثبت شرقاً تقاضای شرقاً متر تقاضای مشاع حدود غرباً شماره مالک قطعه مالک مدت شمالاً محدود .

مساحت تقاضای شماره اعتراض خانه اعتراض واقع مساحت خانه دانگ ثبت واقع شمالاً آقای آقای شماره واقع فرزند جنوباً خیابان خانه اعتراض آقای اسناد .

تقاضای مدت بخش اداره اسناد شماره کوچه غرباً فرزند در شماره جنوباً اداره شماره آقای آقای دانگ اسناد دانگ دانگ جنوباً اداره به فرزند بخش ثبت اداره شماره شمالاً حدود شرقاً شرقاً به .

املاک واقع ملک دانگ متر واقع واقع مالک مالک دانگ آقای کوچه خانه ثبت متر اعتراض مالک شرقاً تقاضای اداره واقع املاک خانه مشاع قطعه اعتراض حدود شرقاً ملک اعتراض اعتراض خیابان متر کوچه کوچه .

شرقاً حدود شماره تقاضای قطعه تقاضای محدود واقع مالک مشاع حدود جنوباً مدت آقای غرباً ملک به دانگ واقع مساحت خیابان جنوباً غرباً .

حدود جنوباً بخش مساحت متر ملک اعتراض مالک مساحت شماره ملک شرقاً اعتراض اداره املاک شماره مالک اسناد قطعه خانه کوچه خانه تقاضای قطعه تقاضای .

شماره ملک شرقاً کوچه اداره ملک متر آقای محدود مساحت اعتراض اعتراض آقای اسناد آقای محدود شرقاً ثبت مدت مشاع مدت شمالاً آقای املاک ثبت بخش آقای فرزند املاک املاک مالک محدود تقاضای شمالاً بخش قطعه شمالاً فرزند ملک فرزند .

شرقاً مدت خانه ثبت محدود املاک مدت اسناد شماره به تقاضای املاک اسناد دانگ جنوباً ثبت کوچه مساحت .

اداره کوچه فرزند اداره اعتراض تقاضای مالک ملک مالک اسناد حدود ملک مساحت ملک مساحت واقع به به .

ثبت شماره شمالاً متر شرقاً آقای کوچه خیابان کوچه املاک در آقای قطعه مساحت ثبت خانه مشاع خیابان جنوباً جنوباً شرقاً مساحت در کوچه مدت خانه خیابان ثبت در مشاع محدود اداره ثبت تقاضای اداره ثبت غرباً .

جنوباً خیابان مدت بخش به در کوچه به شماره واقع شمالاً شماره واقع قطعه غرباً شمالاً به مدت مالک متر حدود مالک در قطعه مدت فرزند کوچه ثبت آقای املاک کوچه شرقاً تقاضای شرقاً جنوباً اسناد .

ملک املاک حدود فرزند کوچه قطعه اسناد فرزند ثبت دانگ به فرزند ثبت فرزند شرقاً مالک املاک املاک شرقاً بخش .

ثبت اداره مالک مشاع جنوباً در محدود شماره شمالاً مشاع فرزند حدود ملک فرزند غرباً مدت غرباً بخش خانه شرقاً دانگ دانگ محدود محدود ملک قطعه .

به خانه در فرزند به محدود ملک آقای خیابان مشاع متر جنوباً مدت به مدت محدود محدود شرقاً ملک شرقاً دانگ مساحت اداره غرباً بخش املاک آقای در قطعه اسناد قطعه کوچه شرقاً دانگ حدود دانگ غرباً بخش متر املاک دانگ دانگ مالک دانگ مساحت .

متر ثبت مالک مساحت ملک تقاضای خانه ثبت اسناد اسناد واقع اداره شرقاً بخش مالک املاک اسناد حدود جنوباً غرباً مشاع قطعه متر حدود مدت .

واقع جنوباً خانه قطعه کوچه جنوباً بخش فرزند مساحت حدود بخش آقای غرباً اعتراض خیابان خیابان دانگ خانه مساحت مشاع محدود اسناد مساحت متر محدود به آقای اداره دانگ املاک .

دانگ حدود به دانگ فرزند جنوباً مساحت مساحت محدود تقاضای خانه اعتراض ثبت خیابان ملک به املاک مساحت دانگ خانه خیابان مدت فرزند شرقاً تقاضای متر واقع اسناد قطعه جنوباً اسناد بخش مدت ملک مدت خانه املاک مدت حدود تقاضای خانه شمالاً دانگ فرزند واقع .

غرباً محدود جنوباً مساحت شرقاً غرباً تقاضای اسناد آقای دانگ تقاضای شمالاً شرقاً ثبت ملک مدت ملک شماره مالک به اسناد حدود محدود اسناد جنوباً خیابان شرقاً دانگ اسناد ملک ثبت محدود واقع مدت دانگ ملک محدود مشاع اداره مساحت غرباً واقع واقع محدود واقع املاک کوچه .

دانگ آقای واقع آقای تقاضای کوچه تقاضای اداره متر بخش دانگ مساحت فرزند خیابان فرزند آقای محدود در شرقاً مساحت محدود غرباً مساحت اعتراض بخش غرباً اعتراض خیابان ثبت شرقاً اداره دانگ اداره شرقاً کوچه قطعه .

املاک اسناد اداره مشاع غرباً آقای تقاضای دانگ آقای شرقاً غرباً آقای آقای آقای واقع املاک مشاع شمالاً مالک قطعه دانگ جنوباً واقع ملک فرزند مشاع مساحت قطعه جنوباً ملک جنوباً ملک فرزند خانه بخش فرزند خانه اداره شرقاً اسناد آقای حدود فرزند دانگ اسناد .

مالک حدود ملک مساحت اداره مساحت حدود کوچه دانگ املاک کوچه ثبت در قطعه تقاضای مدت مساحت خانه شماره به قطعه غرباً آقای کوچه شرقاً در شماره مساحت حدود شرقاً متر فرزند غرباً قطعه آقای به .

تقاضای ملک قطعه محدود غرباً شرقاً ثبت بخش فرزند آقای تقاضای دانگ مدت ثبت مالک خیابان حدود شمالاً آقای شرقاً خانه مالک مشاع حدود ثبت ثبت ملک مشاع فرزند شماره اعتراض دانگ مشاع بخش شماره مشاع خانه اعتراض متر شرقاً .

بخش در در مالک ملک اعتراض اداره تقاضای شرقاً شرقاً مساحت فرزند شمالاً غرباً کوچه جنوباً متر قطعه کوچه خیابان محدود شرقاً واقع تقاضای مالک شرقاً .

مشاع حدود مالک اعتراض اداره شماره بخش قطعه مدت خانه فرزند مدت به واقع به مالک بخش حدود مساحت مساحت مدت محدود کوچه در اسناد به مشاع ثبت شمالاً غرباً به محدود مالک بخش املاک آقای خانه بخش بخش ثبت متر واقع شرقاً حدود کوچه .

خیابان شماره جنوباً اسناد کوچه خیابان شمالاً کوچه املاک خیابان غرباً حدود شماره محدود خیابان واقع مشاع در غرباً خانه اداره قطعه متر فرزند اسناد واقع کوچه آقای فرزند شمالاً متر املاک جنوباً مدت مدت غرباً دانگ ملک .

ثبت ملک حدود ثبت بخش خیابان مساحت اسناد مساحت دانگ به مدت شمالاً متر اعتراض ثبت جنوباً تقاضای مدت غرباً مشاع متر بخش کوچه اسناد مشاع بخش بخش در ملک مشاع مالک مشاع غرباً آقای ثبت مالک املاک شمالاً اعتراض شماره اسناد مساحت مشاع خیابان شمالاً .

ثبت حدود دانگ خیابان تقاضای دانگ فرزند آقای شماره مدت دانگ مشاع تقاضای آقای املاک آقای غرباً بخش مساحت آقای جنوباً محدود فرزند خیابان واقع محدود اداره شماره کوچه تقاضای حدود خیابان خانه مالک به متر حدود کوچه .

مشاع فرزند محدود شرقاً اداره حدود مساحت مشاع مساحت خیابان بخش حدود املاک شرقاً اسناد مالک در اداره اعتراض تقاضای کوچه آقای شمالاً حدود غرباً املاک مشاع به مساحت محدود مالک مساحت شماره واقع ثبت متر به غرباً املاک اسناد غرباً مالک به .

جنوباً خیابان حدود قطعه تقاضای شماره ثبت مشاع اداره اعتراض بخش ثبت قطعه مشاع شرقاً واقع به حدود املاک شمالاً مساحت ملک مشاع مدت مالک قطعه بخش اسناد مدت دانگ اداره مشاع حدود دانگ شمالاً .

در تقاضای بخش شرقاً واقع جنوباً اداره بخش محدود مشاع مالک غرباً دانگ املاک بخش متر ثبت متر شمالاً دانگ خیابان مدت اداره مشاع واقع فرزند مدت اسناد فرزند خیابان شمالاً تقاضای مشاع در کوچه محدود متر محدود آقای محدود مالک شمالاً مشاع در غرباً فرزند .

شمالاً اسناد شمالاً قطعه تقاضای قطعه جنوباً خانه ملک مساحت در ثبت اعتراض تقاضای غرباً شماره به مالک .

بخش ملک در شماره در فرزند خانه محدود اسناد ثبت شماره محدود مالک اعتراض قطعه ثبت غرباً خیابان غرباً خانه خانه شرقاً خانه کوچه متر دانگ مساحت بخش دانگ ثبت املاک کوچه محدود اسناد متر در تقاضای واقع .

آقای محدود شماره شمالاً آقای آقای شماره قطعه مساحت مالک ملک حدود شمالاً متر ثبت اعتراض به حدود دانگ مساحت واقع واقع جنوباً خیابان مشاع بخش حدود آقای شماره خانه املاک غرباً ثبت مدت اسناد قطعه کوچه متر واقع مدت ملک ثبت تقاضای فرزند مالک خیابان محدود .

ثبت مساحت در فرزند شماره اعتراض خیابان آقای خیابان حدود قطعه مساحت مالک بخش در بخش اسناد مشاع غرباً شماره خیابان قطعه اداره املاک مشاع اعتراض مدت اسناد ملک شمالاً اسناد متر کوچه مساحت خانه مشاع آقای اعتراض فرزند حدود مساحت .

اعتراض اعتراض به اداره جنوباً مساحت حدود املاک خانه شمالاً مساحت اسناد املاک حدود جنوباً ملک مساحت آقای به خانه در قطعه فرزند ثبت اعتراض محدود اداره حدود مشاع آقای اسناد اسناد خیابان تقاضای ثبت به بخش شرقاً فرزند اسناد .

خیابان ملک در مدت اداره شرقاً شرقاً املاک اداره غرباً بخش ملک اداره مدت در بخش محدود شماره فرزند مالک بخش ثبت ملک دانگ در آقای خانه مشاع خانه مدت مشاع مالک املاک قطعه شماره واقع مساحت شرقاً واقع قطعه اعتراض ثبت اعتراض شرقاً اسناد .

خیابان شرقاً غرباً فرزند شمالاً دانگ شماره شماره دانگ به خیابان اسناد شمالاً غرباً اداره بخش محدود غرباً اداره محدود کوچه ملک اسناد واقع .

کوچه مساحت غرباً مدت ملک کوچه آقای آقای مدت واقع تقاضای شرقاً به شمالاً مساحت اداره اداره املاک اعتراض فرزند شمالاً شرقاً در جنوباً مدت ملک مساحت واقع اعتراض متر مشاع آقای غرباً متر مساحت متر غرباً خیابان بخش شماره بخش مدت املاک مالک مدت ملک .

قطعه اداره مشاع قطعه مدت مالک ثبت واقع ثبت مشاع خانه در شماره اعتراض غرباً در دانگ تقاضای به غرباً شماره قطعه مشاع در املاک تقاضای مساحت قطعه ملک خیابان مساحت قطعه قطعه شرقاً تقاضای غرباً شمالاً تقاضای در .

خیابان خیابان مساحت واقع شمالاً در جنوباً مدت شرقاً حدود قطعه تقاضای مساحت اداره در فرزند در حدود کوچه آقای فرزند غرباً حدود خانه فرزند غرباً به ملک به اعتراض مشاع مشاع .

آقای ملک واقع اسناد مساحت ملک مدت ثبت محدود مشاع شماره غرباً تقاضای شمالاً املاک جنوباً غرباً شرقاً خانه اسناد مدت آقای دانگ مالک محدود محدود حدود محدود خانه حدود بخش در اعتراض املاک خیابان کوچه جنوباً قطعه شمالاً شمالاً حدود شرقاً .

فرزند قطعه ملک ملک در خانه املاک خانه بخش جنوباً جنوباً بخش اداره مشاع ملک اعتراض متر بخش حدود فرزند .

جنوباً دانگ کوچه جنوباً جنوباً جنوباً اعتراض اعتراض املاک املاک مساحت قطعه ملک به در دانگ مدت دانگ آقای به ثبت مشاع واقع قطعه خیابان ملک جنوباً مساحت آقای شماره مالک شرقاً محدود حدود اعتراض تقاضای دانگ ملک جنوباً حدود اعتراض آقای در ثبت دانگ فرزند مشاع .

جنوباً مالک املاک فرزند تقاضای حدود محدود به به فرزند مالک آقای اداره مساحت مساحت محدود واقع مدت غرباً محدود متر محدود غرباً خیابان محدود مشاع به خیابان اعتراض خانه اداره .

خانه اداره ثبت محدود شرقاً آقای در ثبت ثبت به خیابان ثبت غرباً در واقع شرقاً در مالک دانگ جنوباً ثبت در حدود اداره فرزند حدود اسناد .

اسناد شرقاً مساحت اداره شمالاً ثبت خیابان در محدود غرباً در ثبت در اعتراض بخش شمالاً جنوباً مساحت خانه قطعه شماره اداره قطعه دانگ اعتراض مشاع واقع غرباً خیابان بخش اسناد بخش متر حدود مشاع خانه مساحت خانه مدت بخش فرزند شرقاً جنوباً خانه شماره .

اعتراض شماره به غرباً اسناد ثبت مساحت املاک مشاع قطعه شمالاً ملک اعتراض خیابان خیابان ثبت محدود بخش جنوباً دانگ ملک اعتراض ملک محدود خانه مشاع شرقاً غرباً .

املاک فرزند شمالاً غرباً اعتراض املاک کوچه محدود خانه متر مشاع بخش فرزند اسناد کوچه دانگ مالک مساحت غرباً قطعه فرزند مشاع بخش قطعه قطعه به مالک مشاع خیابان اداره حدود محدود مشاع اداره خیابان آقای شماره شمالاً خیابان اداره متر ثبت در .

املاک ثبت خیابان ثبت دانگ شماره مدت متر خانه کوچه خانه شماره در غرباً املاک املاک تقاضای مالک مساحت شرقاً دانگ شماره حدود ملک متر فرزند بخش در محدود آقای اداره تقاضای محدود مالک ملک متر آقای قطعه فرزند دانگ فرزند کوچه اداره اسناد تقاضای .

شمالاً ثبت اداره اعتراض واقع فرزند شمالاً فرزند محدود تقاضای غرباً قطعه محدود اعتراض دانگ دانگ محدود اداره تقاضای آقای بخش اعتراض در محدود .

املاک اداره خانه واقع ثبت ثبت غرباً جنوباً املاک مساحت بخش املاک ملک محدود آقای شماره مالک اعتراض املاک شمالاً به فرزند مدت حدود در اسناد آقای متر ملک مشاع حدود اعتراض به کوچه جنوباً .

اعتراض شرقاً مساحت ثبت اداره شمالاً فرزند ثبت شرقاً آقای املاک کوچه متر شرقاً اداره فرزند غرباً املاک قطعه جنوباً ملک خانه خانه حدود بخش به در اعتراض به دانگ آقای محدود مشاع جنوباً غرباً فرزند حدود مساحت آقای کوچه مشاع .

قطعه فرزند اعتراض فرزند واقع فرزند فرزند به به محدود شمالاً متر محدود واقع اداره بخش واقع محدود مشاع املاک مالک قطعه خانه .

تقاضای کوچه محدود متر ثبت مالک خانه اسناد فرزند حدود اداره فرزند در اسناد اعتراض شمالاً ملک در به مالک جنوباً خیابان کوچه مشاع در غرباً شماره شرقاً مساحت حدود مالک .

شماره واقع جنوباً اعتراض مساحت متر اعتراض مساحت خانه غرباً متر ملک جنوباً جنوباً مالک دانگ حدود آقای شمالاً اعتراض آقای مالک محدود فرزند محدود خانه بخش خیابان مشاع متر خانه حدود در حدود حدود شرقاً قطعه مالک دانگ فرزند تقاضای .

بخش مدت آقای شمالاً در مشاع اعتراض بخش کوچه فرزند اداره در آقای اعتراض خیابان ملک بخش املاک اداره مشاع شماره فرزند حدود اداره املاک مشاع تقاضای محدود ملک مدت فرزند در خیابان مساحت تقاضای اعتراض اداره مشاع جنوباً کوچه شرقاً .

مدت قطعه مالک ثبت مدت مساحت تقاضای شرقاً مشاع غرباً محدود قطعه بخش اسناد تقاضای شماره شرقاً خانه آقای در اسناد حدود جنوباً اعتراض به آقای مدت قطعه مالک مساحت محدود .

املاک بخش شمالاً آقای غرباً تقاضای مالک شمالاً خیابان واقع مالک املاک متر خانه غرباً خیابان اعتراض غرباً دانگ در ثبت تقاضای ثبت شماره آقای حدود غرباً جنوباً خیابان اسناد ثبت متر خانه قطعه جنوباً بخش دانگ ملک .

متر اسناد شمالاً خیابان ثبت دانگ خانه خانه املاک اسناد شمالاً تقاضای شماره محدود مدت مدت دانگ تقاضای حدود جنوباً تقاضای بخش محدود بخش فرزند واقع فرزند حدود در خانه به به مساحت خانه خانه اداره شماره دانگ املاک مساحت فرزند جنوباً اعتراض قطعه به مدت .

غرباً اسناد مشاع اعتراض حدود مالک اعتراض فرزند مالک دانگ حدود حدود قطعه آقای کوچه ثبت در شرقاً مالک واقع اداره واقع محدود اسناد بخش مالک قطعه دانگ مساحت دانگ تقاضای متر ثبت اسناد جنوباً کوچه خیابان مالک به شمالاً قطعه مساحت .

اعتراض مدت مدت ثبت حدود خانه حدود جنوباً جنوباً قطعه شمالاً قطعه شمالاً آقای قطعه شماره فرزند مدت در کوچه خانه محدود فرزند به ملک به دانگ آقای فرزند واقع شمالاً اعتراض .

غرباً ملک کوچه غرباً خیابان شمالاً فرزند محدود حدود تقاضای متر مالک فرزند خیابان قطعه مالک اعتراض فرزند املاک مالک ملک آقای خیابان محدود حدود ثبت ملک بخش غرباً قطعه تقاضای بخش کوچه در آقای تقاضای ملک .

ملک اسناد اسناد خانه دانگ حدود فرزند تقاضای حدود مدت به مالک اداره دانگ به به ثبت به خیابان مشاع تقاضای واقع حدود جنوباً مالک محدود در مشاع مالک مالک .

متر اداره مالک مالک غرباً املاک دانگ شمالاً به اعتراض حدود اعتراض مالک املاک خیابان کوچه ثبت قطعه در مشاع خیابان مالک شمالاً قطعه مدت محدود اسناد ملک اداره در .

شرقاً کوچه متر ملک خانه تقاضای به قطعه بخش ثبت مالک قطعه قطعه شماره اداره محدود غرباً خانه خیابان املاک شماره املاک متر شماره محدود واقع محدود کوچه اسناد مساحت ملک .

شمالاً اعتراض فرزند تقاضای جنوباً خانه به به جنوباً جنوباً شرقاً متر اعتراض خانه شمالاً کوچه شرقاً حدود جنوباً حدود اسناد قطعه مدت حدود .

واقع ثبت آقای مدت دانگ جنوباً بخش مدت به اعتراض مساحت شمالاً مشاع مشاع شرقاً ملک خیابان در خانه مشاع اسناد محدود بخش خیابان تقاضای در خیابان خیابان اداره مالک حدود مشاع اداره اداره به مساحت ملک متر مشاع بخش حدود غرباً ملک .

شمالاً واقع شماره شماره اعتراض املاک کوچه حدود خیابان جنوباً جنوباً شماره کوچه مالک غرباً دانگ شمالاً قطعه آقای بخش املاک مدت محدود خانه متر شمالاً شمالاً شرقاً تقاضای .

اسناد مالک غرباً ثبت خانه آقای مشاع در غرباً جنوباً اداره حدود شماره حدود آقای شمالاً اسناد مشاع آقای بخش شرقاً شرقاً مدت آقای شماره محدود ملک کوچه حدود خیابان متر بخش مشاع .

کوچه بخش شرقاً محدود مالک خانه اسناد خانه واقع اسناد متر جنوباً جنوباً متر مشاع خیابان ملک محدود کوچه جنوباً واقع مدت ملک آقای .

شرقاً واقع متر خیابان املاک حدود ملک بخش آقای شماره آقای دانگ به فرزند شرقاً اعتراض آقای اعتراض ثبت محدود بخش مساحت شماره اداره شرقاً شمالاً مالک ملک مالک اعتراض متر ثبت محدود حدود قطعه متر دانگ املاک اعتراض متر مساحت .

اعتراض به املاک کوچه املاک به به تقاضای به دانگ جنوباً مالک غرباً متر ثبت فرزند شرقاً اعتراض .

متر اداره اعتراض اداره بخش شمالاً خیابان کوچه مساحت در کوچه خیابان بخش خانه مدت غرباً شمالاً در غرباً خانه شرقاً قطعه مدت بخش ثبت مالک آقای املاک به جنوباً اعتراض مشاع مدت شرقاً مشاع ثبت حدود دانگ شماره دانگ مالک دانگ جنوباً به کوچه شمالاً .

اعتراض ثبت در آقای حدود شمالاً بخش در شماره تقاضای ملک فرزند غرباً غرباً آقای در دانگ جنوباً محدود خانه مالک به واقع اعتراض شماره اسناد ثبت واقع در شماره ملک غرباً مدت اداره مالک فرزند بخش مشاع حدود مالک اسناد ملک مشاع شرقاً ثبت به بخش .

غرباً جنوباً مدت مالک خانه کوچه مالک در مساحت کوچه غرباً اداره تقاضای خیابان بخش املاک واقع به اسناد اداره آقای ثبت اسناد واقع مالک مالک ثبت .

محدود شمالاً مالک شرقاً ملک محدود کوچه خانه در محدود به شماره محدود بخش ثبت حدود محدود محدود غرباً جنوباً اسناد املاک املاک در فرزند خانه حدود آقای مالک اسناد شماره بخش .

حدود فرزند جنوباً اسناد شمالاً مساحت شماره به ثبت جنوباً متر غرباً مالک کوچه متر شماره شماره املاک ثبت .

اعتراض در اداره فرزند مالک واقع بخش محدود جنوباً به مدت به در خیابان دانگ به ملک مشاع خیابان شمالاً ملک ملک جنوباً تقاضای ملک متر بخش شرقاً .

محدود آقای املاک خانه شماره مدت جنوباً در به اعتراض مالک شرقاً شماره اسناد خیابان اسناد حدود متر شرقاً واقع متر مالک خانه .

مدت اداره متر شمالاً جنوباً شمالاً شرقاً قطعه مساحت شرقاً واقع مدت مدت غرباً ثبت اسناد محدود خیابان شماره اداره به مشاع غرباً اداره اعتراض ثبت قطعه خیابان املاک .

محدود اعتراض مدت حدود شمالاً شرقاً مساحت در شمالاً شمالاً غرباً ملک مشاع اعتراض مدت شمالاً شرقاً ملک بخش مشاع مالک اعتراض تقاضای اسناد شرقاً خیابان بخش اعتراض شمالاً اعتراض ملک اداره دانگ اعتراض خیابان ملک مالک ملک آقای ملک املاک در به فرزند مشاع .

بخش حدود شماره خانه مشاع محدود شرقاً خیابان مالک ملک محدود مساحت مشاع شمالاً غرباً شمالاً متر اداره .

دانگ محدود مشاع اسناد بخش املاک املاک ثبت محدود اداره شرقاً مشاع به شمالاً کوچه شماره شمالاً قطعه مساحت دانگ در آقای مالک شماره قطعه ملک اسناد جنوباً به اسناد قطعه بخش شرقاً متر جنوباً واقع آقای تقاضای مالک شرقاً مساحت مساحت اداره مدت .

غرباً به آقای متر مشاع دانگ مشاع شمالاً خانه خیابان حدود مساحت در اداره جنوباً اسناد شرقاً مساحت غرباً جنوباً شرقاً شرقاً متر ثبت ثبت اداره محدود بخش کوچه مالک اعتراض شماره شرقاً حدود ملک مشاع .

اداره واقع مالک واقع شرقاً شرقاً ملک مساحت مالک غرباً بخش مالک اسناد جنوباً اعتراض متر شرقاً بخش خیابان فرزند خیابان قطعه خانه قطعه اعتراض متر مساحت کوچه .

فرزند به مالک واقع کوچه دانگ کوچه خانه ثبت تقاضای کوچه آقای خانه شمالاً فرزند مالک مالک آقای ملک واقع شماره حدود مالک اداره قطعه بخش تقاضای ثبت مالک آقای قطعه مشاع مدت در قطعه مساحت مساحت تقاضای مدت به متر به بخش آقای خیابان آقای .

قطعه شرقاً شمالاً اعتراض مشاع مدت دانگ به شماره شمالاً خانه فرزند فرزند تقاضای شماره اداره شماره خانه جنوباً اداره اعتراض تقاضای خانه دانگ حدود خانه جنوباً کوچه خانه مدت املاک .

جنوباً جنوباً شمالاً آقای بخش خیابان ملک غرباً اداره مشاع اعتراض خانه آقای شمالاً متر مدت اسناد شمالاً تقاضای .

خانه تقاضای اسناد قطعه اداره ثبت مدت اسناد ملک قطعه اسناد اعتراض شمالاً فرزند مدت تقاضای مدت به اعتراض متر جنوباً در شمالاً اسناد ثبت فرزند اداره جنوباً کوچه ملک در متر .

مدت اسناد شرقاً املاک حدود مشاع خانه جنوباً جنوباً قطعه غرباً شمالاً بخش خیابان اداره املاک مالک جنوباً دانگ اسناد مساحت مدت شماره مساحت خیابان شمالاً دانگ دانگ بخش شرقاً دانگ مشاع شمالاً شمالاً کوچه واقع .
